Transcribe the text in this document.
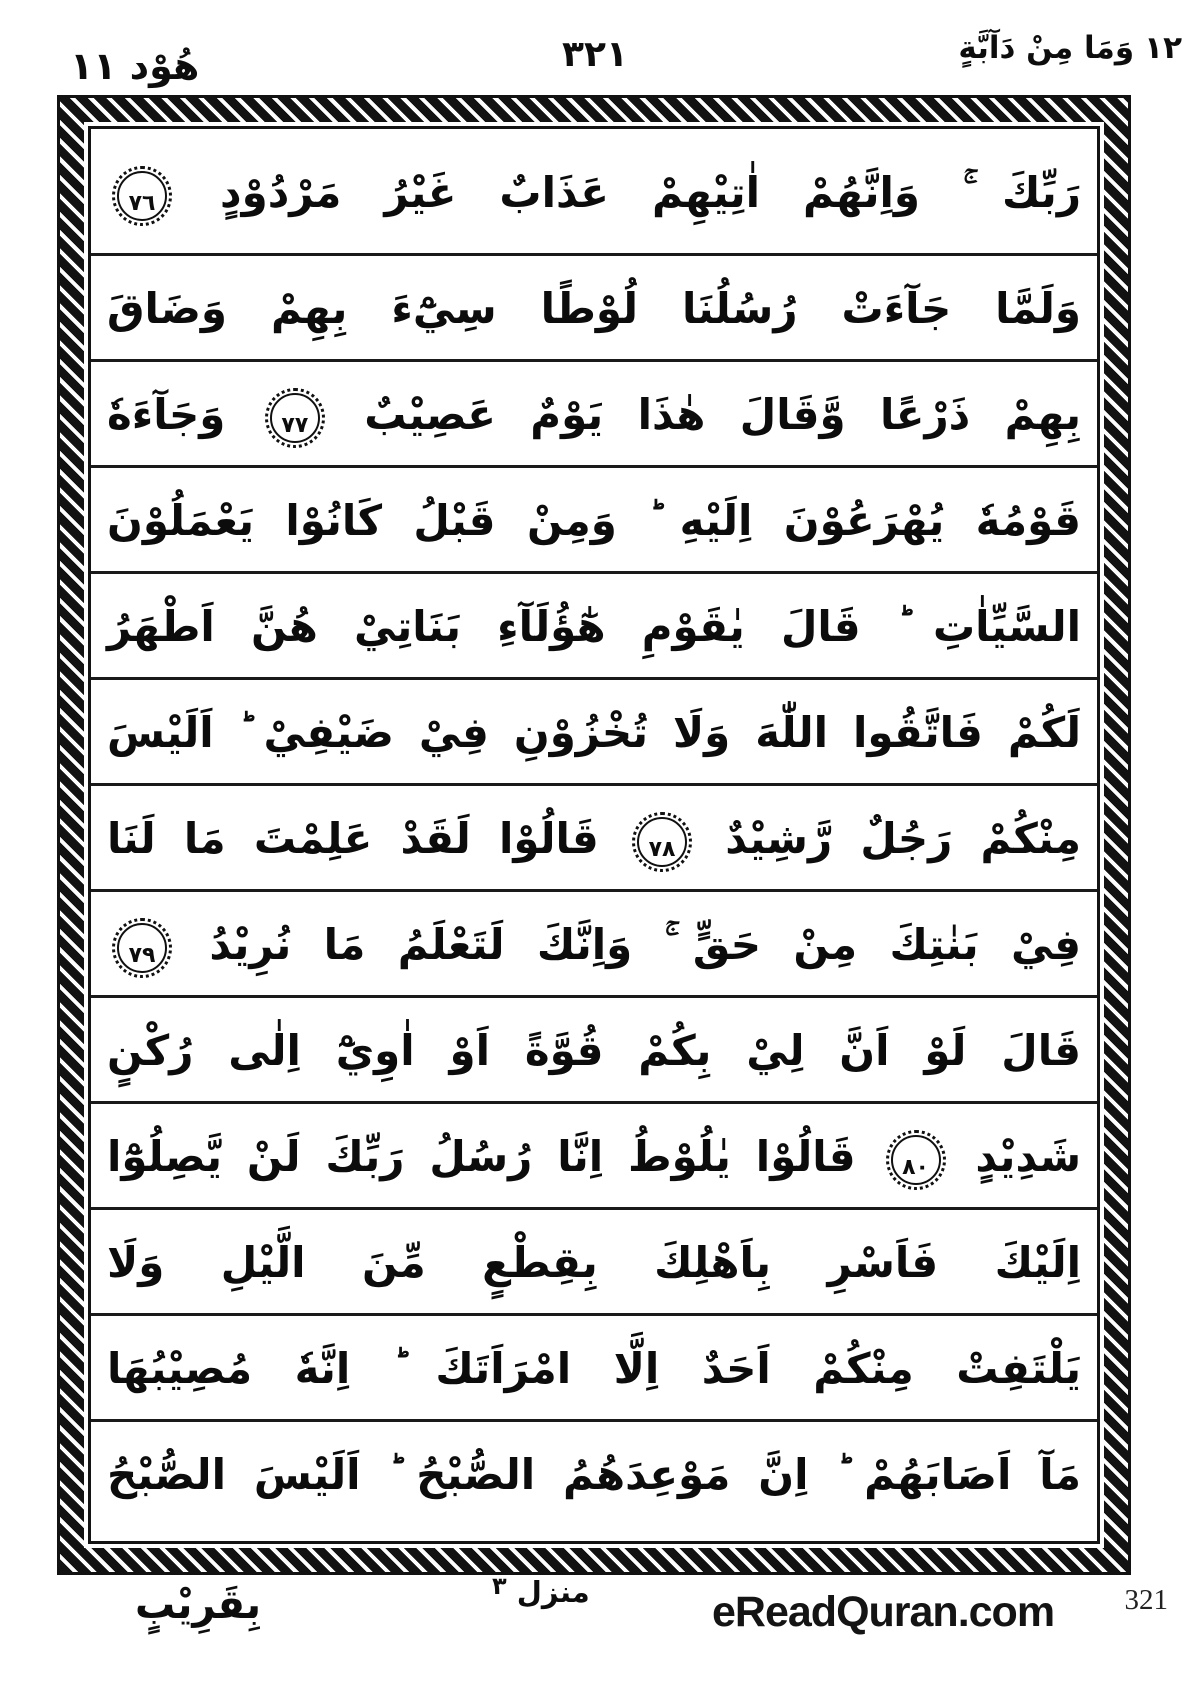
١٢
وَمَا مِنْ دَآبَّةٍ
٣٢١
هُوْد ١١
رَبِّكَ ۚ وَاِنَّهُمْ اٰتِيْهِمْ عَذَابٌ غَيْرُ مَرْدُوْدٍ ٧٦
وَلَمَّا جَآءَتْ رُسُلُنَا لُوْطًا سِيْٓءَ بِهِمْ وَضَاقَ
بِهِمْ ذَرْعًا وَّقَالَ هٰذَا يَوْمٌ عَصِيْبٌ ٧٧ وَجَآءَهٗ
قَوْمُهٗ يُهْرَعُوْنَ اِلَيْهِ ؕ وَمِنْ قَبْلُ كَانُوْا يَعْمَلُوْنَ
السَّيِّاٰتِ ؕ قَالَ يٰقَوْمِ هٰٓؤُلَآءِ بَنَاتِيْ هُنَّ اَطْهَرُ
لَكُمْ فَاتَّقُوا اللّٰهَ وَلَا تُخْزُوْنِ فِيْ ضَيْفِيْ ؕ اَلَيْسَ
مِنْكُمْ رَجُلٌ رَّشِيْدٌ ٧٨ قَالُوْا لَقَدْ عَلِمْتَ مَا لَنَا
فِيْ بَنٰتِكَ مِنْ حَقٍّ ۚ وَاِنَّكَ لَتَعْلَمُ مَا نُرِيْدُ ٧٩
قَالَ لَوْ اَنَّ لِيْ بِكُمْ قُوَّةً اَوْ اٰوِيْٓ اِلٰى رُكْنٍ
شَدِيْدٍ ٨٠ قَالُوْا يٰلُوْطُ اِنَّا رُسُلُ رَبِّكَ لَنْ يَّصِلُوْٓا
اِلَيْكَ فَاَسْرِ بِاَهْلِكَ بِقِطْعٍ مِّنَ الَّيْلِ وَلَا
يَلْتَفِتْ مِنْكُمْ اَحَدٌ اِلَّا امْرَاَتَكَ ؕ اِنَّهٗ مُصِيْبُهَا
مَآ اَصَابَهُمْ ؕ اِنَّ مَوْعِدَهُمُ الصُّبْحُ ؕ اَلَيْسَ الصُّبْحُ
بِقَرِيْبٍ	منزل $^٣$
eReadQuran.com 321
